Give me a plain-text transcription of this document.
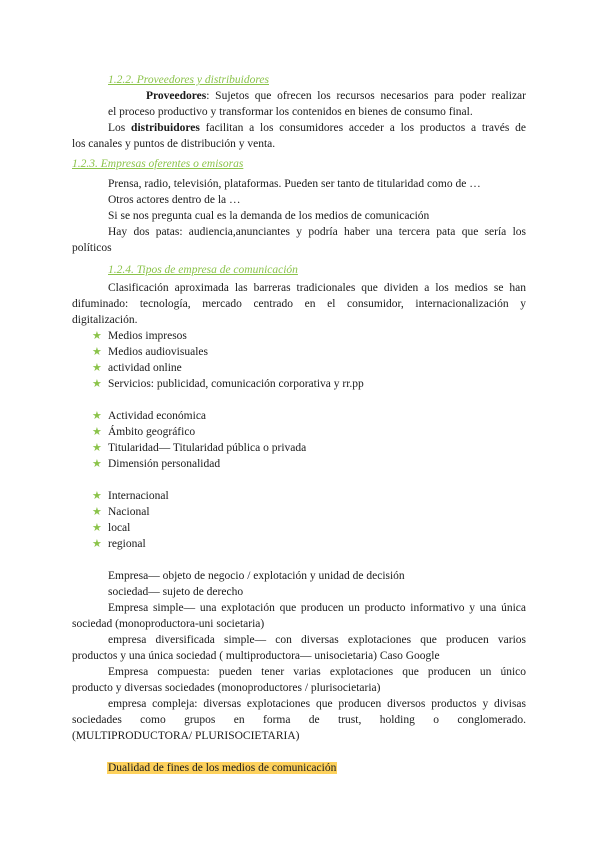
1.2.2. Proveedores y distribuidores
Proveedores: Sujetos que ofrecen los recursos necesarios para poder realizar
el proceso productivo y transformar los contenidos en bienes de consumo final.
Los distribuidores facilitan a los consumidores acceder a los productos a través de
los canales y puntos de distribución y venta.
1.2.3. Empresas oferentes o emisoras
Prensa, radio, televisión, plataformas. Pueden ser tanto de titularidad como de …
Otros actores dentro de la …
Si se nos pregunta cual es la demanda de los medios de comunicación
Hay dos patas: audiencia,anunciantes y podría haber una tercera pata que sería los
políticos
1.2.4. Tipos de empresa de comunicación
Clasificación aproximada las barreras tradicionales que dividen a los medios se han
difuminado: tecnología, mercado centrado en el consumidor, internacionalización y
digitalización.
★ Medios impresos
★ Medios audiovisuales
★ actividad online
★ Servicios: publicidad, comunicación corporativa y rr.pp
★ Actividad económica
★ Ámbito geográfico
★ Titularidad— Titularidad pública o privada
★ Dimensión personalidad
★ Internacional
★ Nacional
★ local
★ regional
Empresa— objeto de negocio / explotación y unidad de decisión
sociedad— sujeto de derecho
Empresa simple— una explotación que producen un producto informativo y una única
sociedad (monoproductora-uni societaria)
empresa diversificada simple— con diversas explotaciones que producen varios
productos y una única sociedad ( multiproductora— unisocietaria) Caso Google
Empresa compuesta: pueden tener varias explotaciones que producen un único
producto y diversas sociedades (monoproductores / plurisocietaria)
empresa compleja: diversas explotaciones que producen diversos productos y divisas
sociedades como grupos en forma de trust, holding o conglomerado.
(MULTIPRODUCTORA/ PLURISOCIETARIA)
Dualidad de fines de los medios de comunicación
